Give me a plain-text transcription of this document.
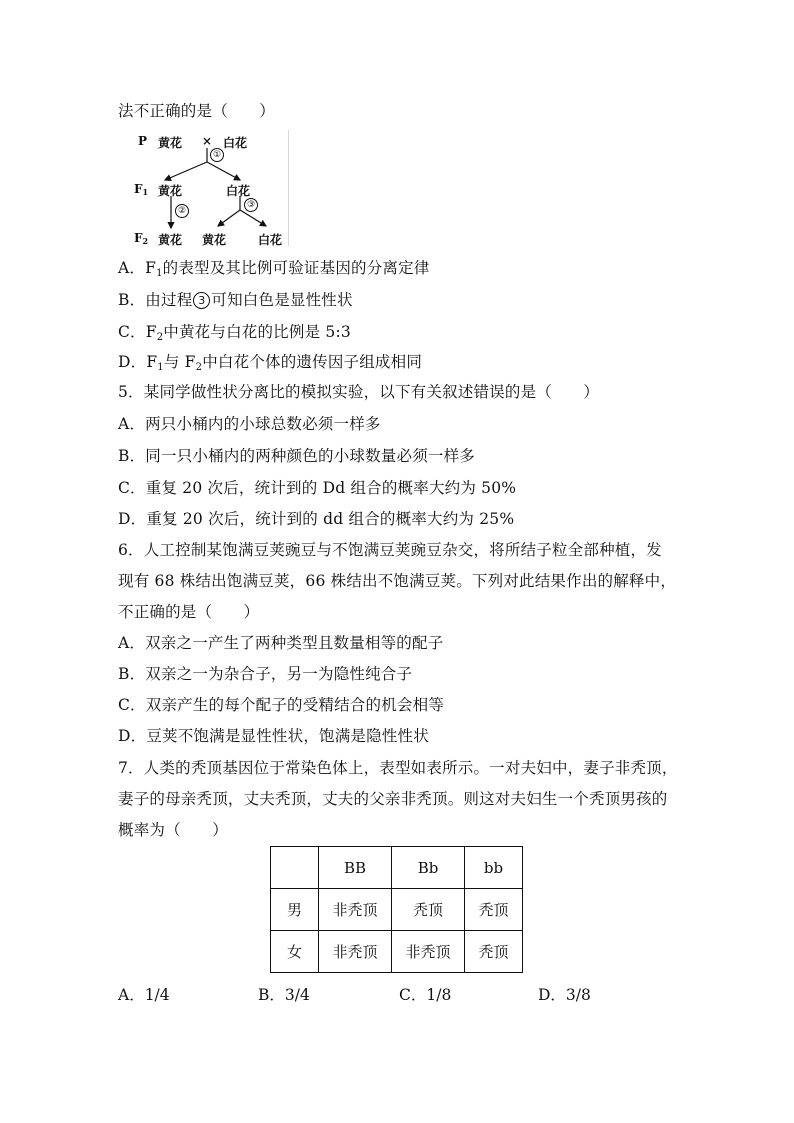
法不正确的是（　　）
P 黄花 × 白花
①
$F_1$ 黄花	白花
②
③
$F_2$ 黄花 黄花	白花
A．$F_1$的表型及其比例可验证基因的分离定律
B．由过程 3 可知白色是显性性状
C．$F_2$中黄花与白花的比例是 5:3
D．$F_1$与 $F_2$中白花个体的遗传因子组成相同
5．某同学做性状分离比的模拟实验，以下有关叙述错误的是（　　）
A．两只小桶内的小球总数必须一样多
B．同一只小桶内的两种颜色的小球数量必须一样多
C．重复 20 次后，统计到的 Dd 组合的概率大约为 50%
D．重复 20 次后，统计到的 dd 组合的概率大约为 25%
6．人工控制某饱满豆荚豌豆与不饱满豆荚豌豆杂交，将所结子粒全部种植，发
现有 68 株结出饱满豆荚，66 株结出不饱满豆荚。下列对此结果作出的解释中，
不正确的是（　　）
A．双亲之一产生了两种类型且数量相等的配子
B．双亲之一为杂合子，另一为隐性纯合子
C．双亲产生的每个配子的受精结合的机会相等
D．豆荚不饱满是显性性状，饱满是隐性性状
7．人类的秃顶基因位于常染色体上，表型如表所示。一对夫妇中，妻子非秃顶，
妻子的母亲秃顶，丈夫秃顶，丈夫的父亲非秃顶。则这对夫妇生一个秃顶男孩的
概率为（　　）
	BB	Bb	bb
男	非秃顶	秃顶	秃顶
女	非秃顶	非秃顶	秃顶
A．1/4	B．3/4	C．1/8	D．3/8
